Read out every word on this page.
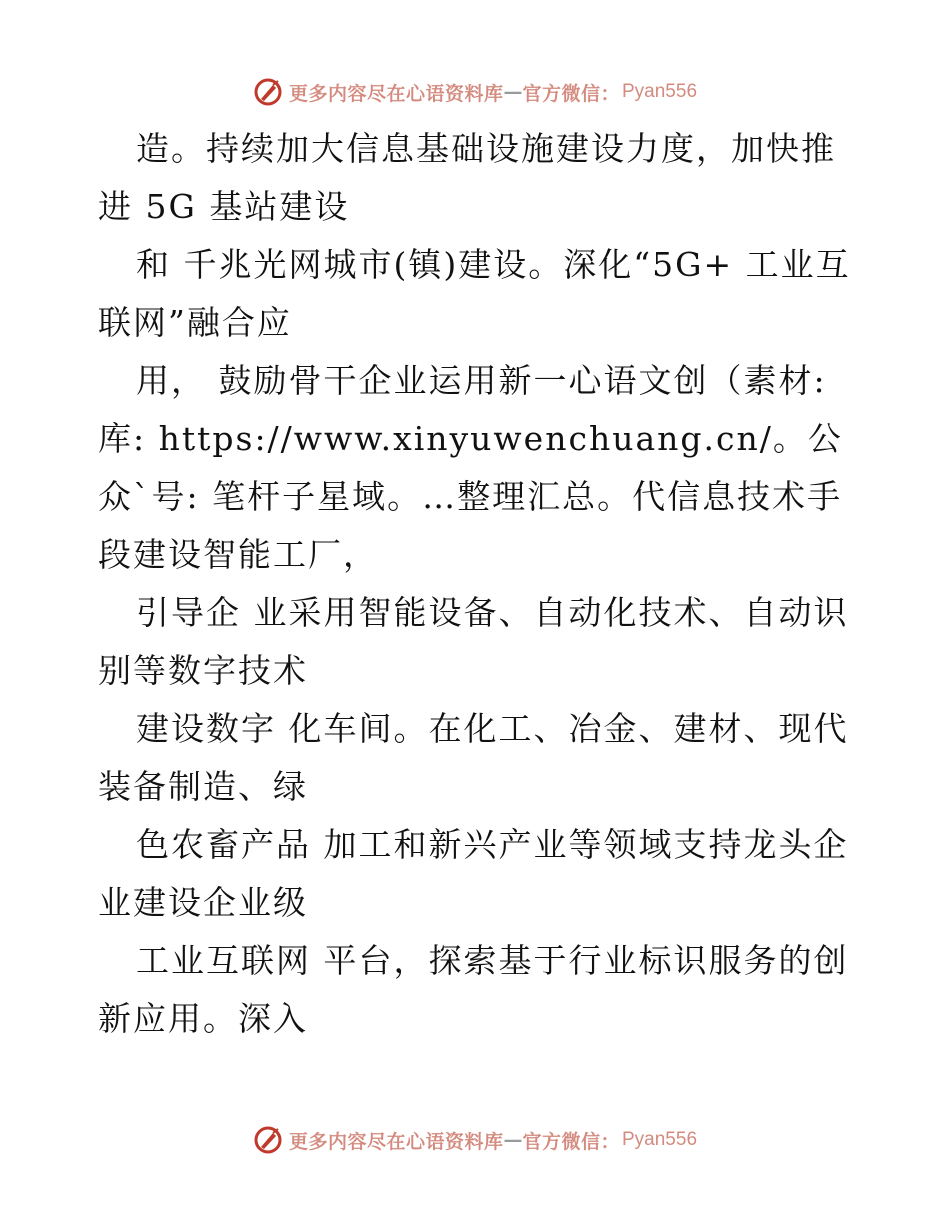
更多内容尽在心语资料库 — 官方微信： Pyan556

造。持续加大信息基础设施建设力度，加快推进 5G 基站建设

和 千兆光网城市(镇)建设。深化“5G+ 工业互联网”融合应

用， 鼓励骨干企业运用新一心语文创（素材:库: https://www.xinyuwenchuang.cn/。公众`号: 笔杆子星域。…整理汇总。代信息技术手段建设智能工厂，

引导企 业采用智能设备、自动化技术、自动识别等数字技术

建设数字 化车间。在化工、冶金、建材、现代装备制造、绿

色农畜产品 加工和新兴产业等领域支持龙头企业建设企业级

工业互联网 平台，探索基于行业标识服务的创新应用。深入

更多内容尽在心语资料库 — 官方微信： Pyan556
